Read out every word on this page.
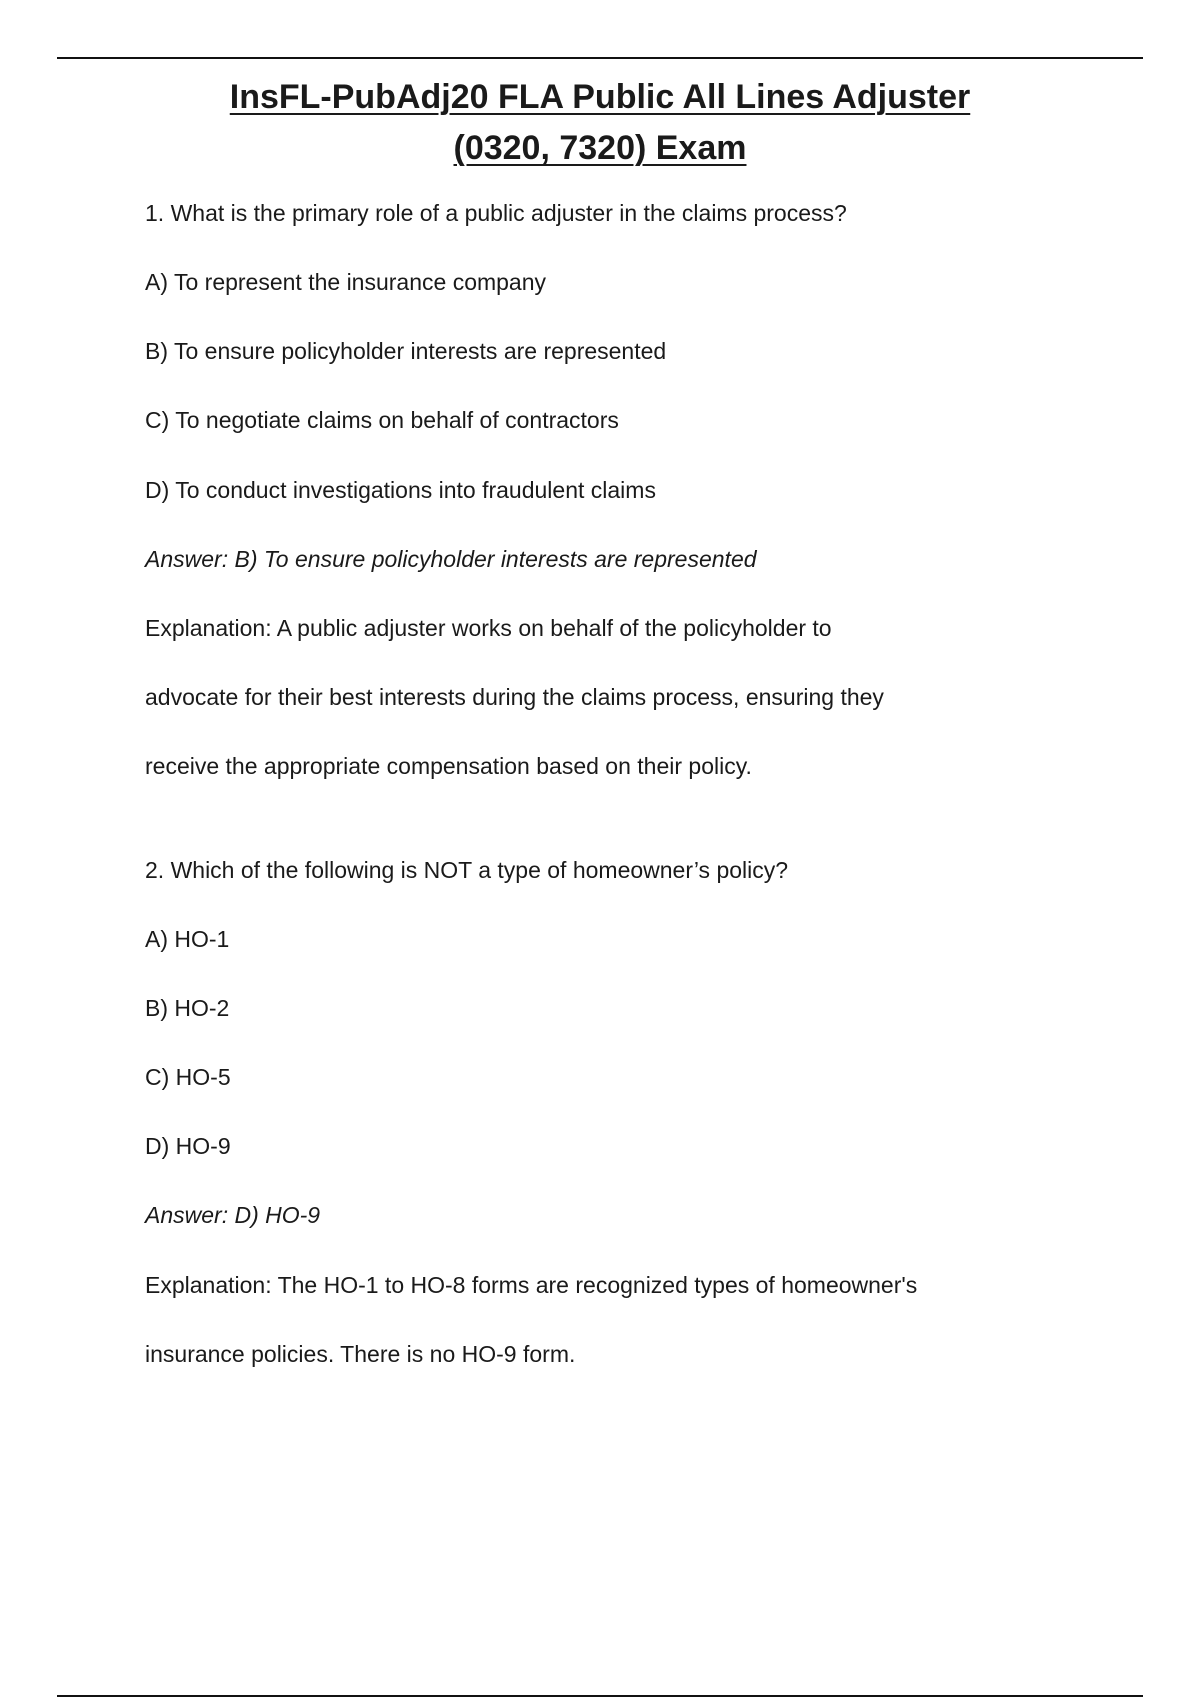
InsFL-PubAdj20 FLA Public All Lines Adjuster
(0320, 7320) Exam
1. What is the primary role of a public adjuster in the claims process?
A) To represent the insurance company
B) To ensure policyholder interests are represented
C) To negotiate claims on behalf of contractors
D) To conduct investigations into fraudulent claims
Answer: B) To ensure policyholder interests are represented
Explanation: A public adjuster works on behalf of the policyholder to
advocate for their best interests during the claims process, ensuring they
receive the appropriate compensation based on their policy.
2. Which of the following is NOT a type of homeowner’s policy?
A) HO-1
B) HO-2
C) HO-5
D) HO-9
Answer: D) HO-9
Explanation: The HO-1 to HO-8 forms are recognized types of homeowner's
insurance policies. There is no HO-9 form.
